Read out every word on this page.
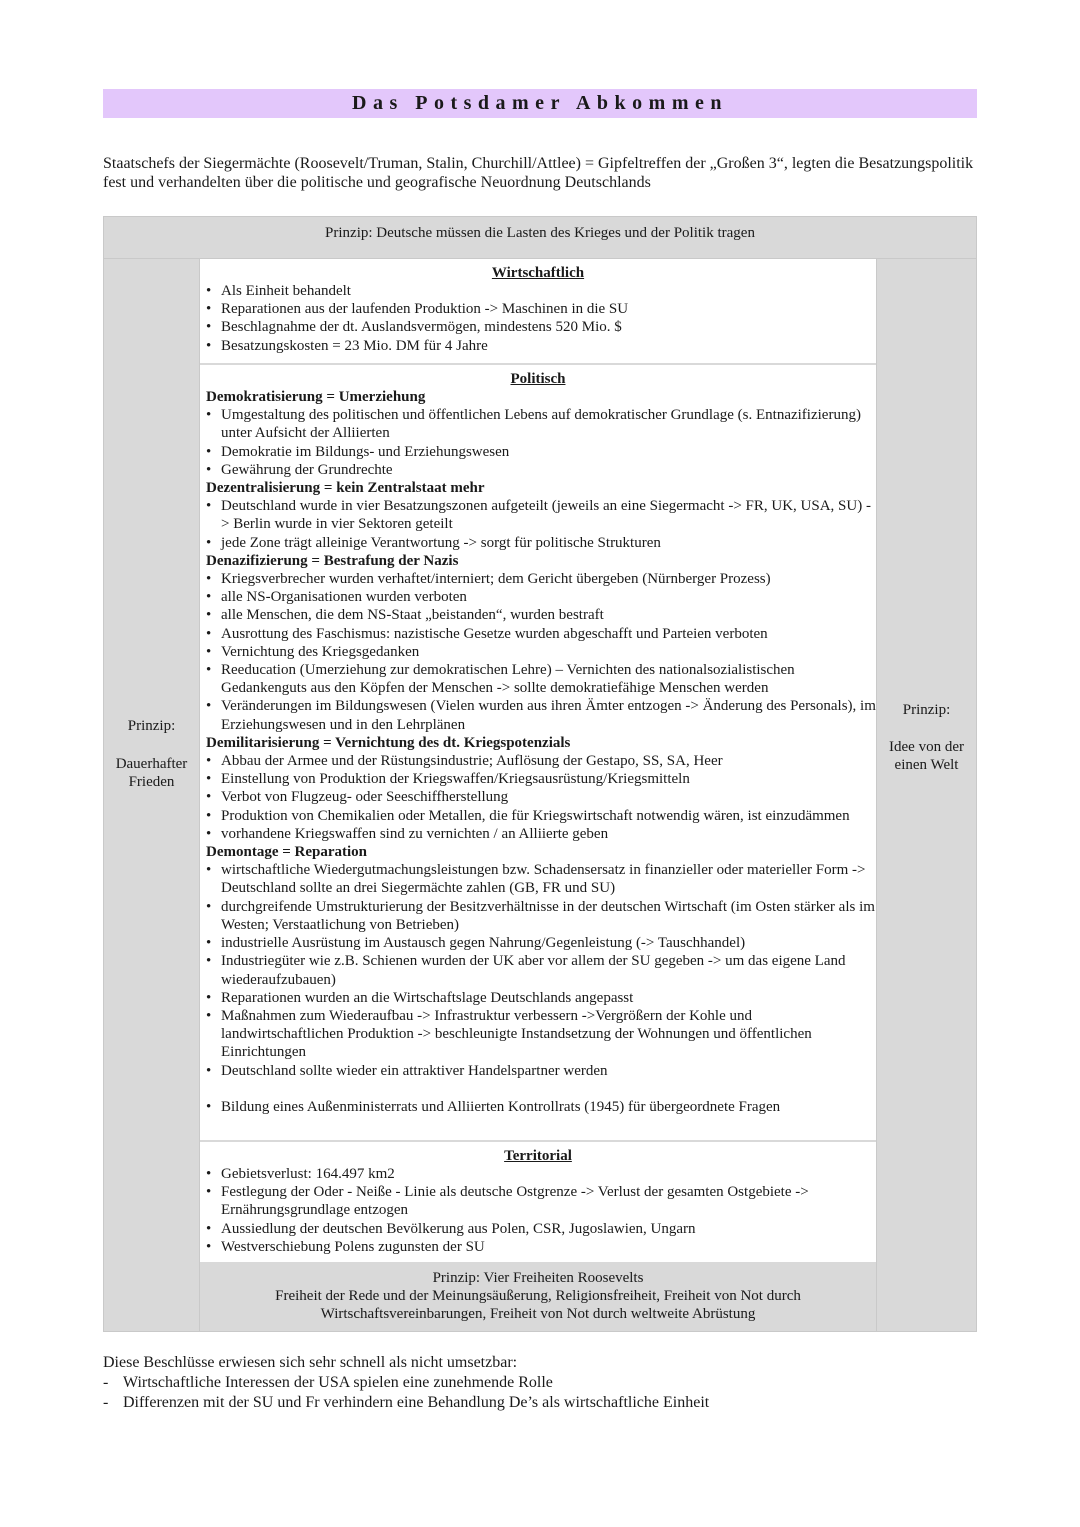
Das Potsdamer Abkommen
Staatschefs der Siegermächte (Roosevelt/Truman, Stalin, Churchill/Attlee) = Gipfeltreffen der „Großen 3“, legten die Besatzungspolitik fest und verhandelten über die politische und geografische Neuordnung Deutschlands
Prinzip: Deutsche müssen die Lasten des Krieges und der Politik tragen
Prinzip:
Dauerhafter
Frieden
Wirtschaftlich
• Als Einheit behandelt
• Reparationen aus der laufenden Produktion -> Maschinen in die SU
• Beschlagnahme der dt. Auslandsvermögen, mindestens 520 Mio. $
• Besatzungskosten = 23 Mio. DM für 4 Jahre
Politisch
Demokratisierung = Umerziehung
• Umgestaltung des politischen und öffentlichen Lebens auf demokratischer Grundlage (s. Entnazifizierung) unter Aufsicht der Alliierten
• Demokratie im Bildungs- und Erziehungswesen
• Gewährung der Grundrechte
Dezentralisierung = kein Zentralstaat mehr
• Deutschland wurde in vier Besatzungszonen aufgeteilt (jeweils an eine Siegermacht -> FR, UK, USA, SU) -> Berlin wurde in vier Sektoren geteilt
• jede Zone trägt alleinige Verantwortung -> sorgt für politische Strukturen
Denazifizierung = Bestrafung der Nazis
• Kriegsverbrecher wurden verhaftet/interniert; dem Gericht übergeben (Nürnberger Prozess)
• alle NS-Organisationen wurden verboten
• alle Menschen, die dem NS-Staat „beistanden“, wurden bestraft
• Ausrottung des Faschismus: nazistische Gesetze wurden abgeschafft und Parteien verboten
• Vernichtung des Kriegsgedanken
• Reeducation (Umerziehung zur demokratischen Lehre) – Vernichten des nationalsozialistischen Gedankenguts aus den Köpfen der Menschen -> sollte demokratiefähige Menschen werden
• Veränderungen im Bildungswesen (Vielen wurden aus ihren Ämter entzogen -> Änderung des Personals), im Erziehungswesen und in den Lehrplänen
Demilitarisierung = Vernichtung des dt. Kriegspotenzials
• Abbau der Armee und der Rüstungsindustrie; Auflösung der Gestapo, SS, SA, Heer
• Einstellung von Produktion der Kriegswaffen/Kriegsausrüstung/Kriegsmitteln
• Verbot von Flugzeug- oder Seeschiffherstellung
• Produktion von Chemikalien oder Metallen, die für Kriegswirtschaft notwendig wären, ist einzudämmen
• vorhandene Kriegswaffen sind zu vernichten / an Alliierte geben
Demontage = Reparation
• wirtschaftliche Wiedergutmachungsleistungen bzw. Schadensersatz in finanzieller oder materieller Form -> Deutschland sollte an drei Siegermächte zahlen (GB, FR und SU)
• durchgreifende Umstrukturierung der Besitzverhältnisse in der deutschen Wirtschaft (im Osten stärker als im Westen; Verstaatlichung von Betrieben)
• industrielle Ausrüstung im Austausch gegen Nahrung/Gegenleistung (-> Tauschhandel)
• Industriegüter wie z.B. Schienen wurden der UK aber vor allem der SU gegeben -> um das eigene Land wiederaufzubauen)
• Reparationen wurden an die Wirtschaftslage Deutschlands angepasst
• Maßnahmen zum Wiederaufbau -> Infrastruktur verbessern ->Vergrößern der Kohle und landwirtschaftlichen Produktion -> beschleunigte Instandsetzung der Wohnungen und öffentlichen Einrichtungen
• Deutschland sollte wieder ein attraktiver Handelspartner werden
• Bildung eines Außenministerrats und Alliierten Kontrollrats (1945) für übergeordnete Fragen
Territorial
• Gebietsverlust: 164.497 km2
• Festlegung der Oder - Neiße - Linie als deutsche Ostgrenze -> Verlust der gesamten Ostgebiete -> Ernährungsgrundlage entzogen
• Aussiedlung der deutschen Bevölkerung aus Polen, CSR, Jugoslawien, Ungarn
• Westverschiebung Polens zugunsten der SU
Prinzip: Vier Freiheiten Roosevelts
Freiheit der Rede und der Meinungsäußerung, Religionsfreiheit, Freiheit von Not durch
Wirtschaftsvereinbarungen, Freiheit von Not durch weltweite Abrüstung
Prinzip:
Idee von der
einen Welt
Diese Beschlüsse erwiesen sich sehr schnell als nicht umsetzbar:
- Wirtschaftliche Interessen der USA spielen eine zunehmende Rolle
- Differenzen mit der SU und Fr verhindern eine Behandlung De’s als wirtschaftliche Einheit
